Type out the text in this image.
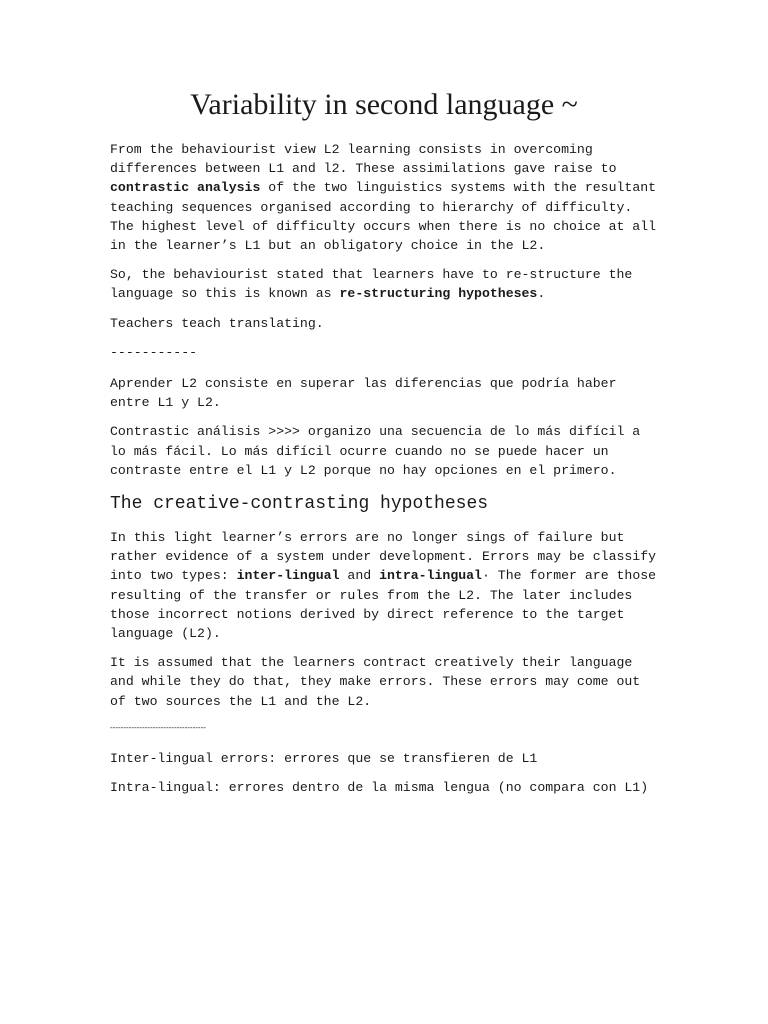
Variability in second language ~

From the behaviourist view L2 learning consists in overcoming differences between L1 and l2. These assimilations gave raise to contrastic analysis of the two linguistics systems with the resultant teaching sequences organised according to hierarchy of difficulty. The highest level of difficulty occurs when there is no choice at all in the learner’s L1 but an obligatory choice in the L2.

So, the behaviourist stated that learners have to re-structure the language so this is known as re-structuring hypotheses.

Teachers teach translating.

-----------

Aprender L2 consiste en superar las diferencias que podría haber entre L1 y L2.

Contrastic análisis >>>> organizo una secuencia de lo más difícil a lo más fácil. Lo más difícil ocurre cuando no se puede hacer un contraste entre el L1 y L2 porque no hay opciones en el primero.

The creative-contrasting hypotheses

In this light learner’s errors are no longer sings of failure but rather evidence of a system under development. Errors may be classify into two types: inter-lingual and intra-lingual· The former are those resulting of the transfer or rules from the L2. The later includes those incorrect notions derived by direct reference to the target language (L2).

It is assumed that the learners contract creatively their language and while they do that, they make errors. These errors may come out of two sources the L1 and the L2.

------------------------------------

Inter-lingual errors: errores que se transfieren de L1

Intra-lingual: errores dentro de la misma lengua (no compara con L1)
